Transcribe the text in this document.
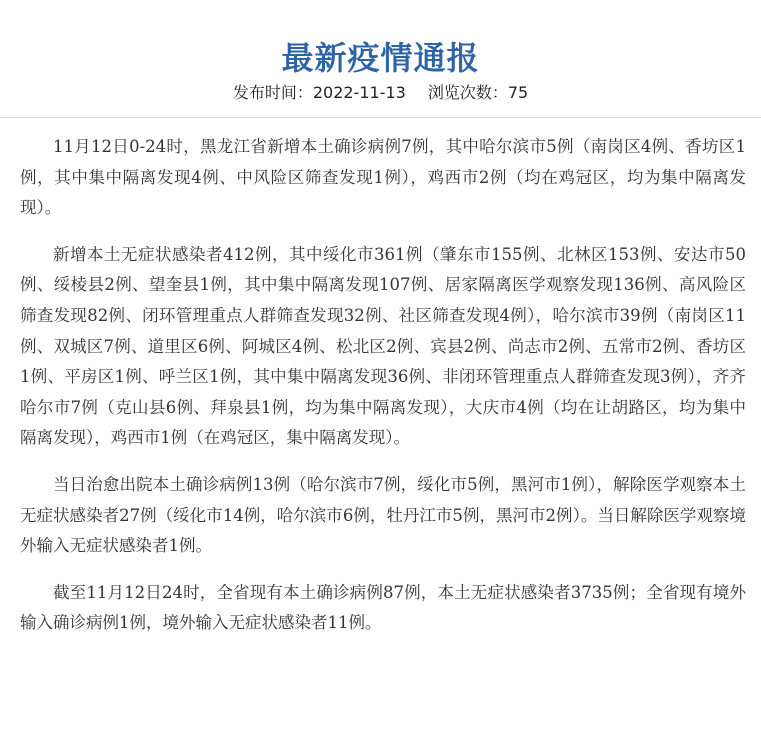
最新疫情通报
发布时间：2022-11-13 浏览次数：75

11月12日0-24时，黑龙江省新增本土确诊病例7例，其中哈尔滨市5例（南岗区4例、香坊区1例，其中集中隔离发现4例、中风险区筛查发现1例），鸡西市2例（均在鸡冠区，均为集中隔离发现）。

新增本土无症状感染者412例，其中绥化市361例（肇东市155例、北林区153例、安达市50例、绥棱县2例、望奎县1例，其中集中隔离发现107例、居家隔离医学观察发现136例、高风险区筛查发现82例、闭环管理重点人群筛查发现32例、社区筛查发现4例），哈尔滨市39例（南岗区11例、双城区7例、道里区6例、阿城区4例、松北区2例、宾县2例、尚志市2例、五常市2例、香坊区1例、平房区1例、呼兰区1例，其中集中隔离发现36例、非闭环管理重点人群筛查发现3例），齐齐哈尔市7例（克山县6例、拜泉县1例，均为集中隔离发现），大庆市4例（均在让胡路区，均为集中隔离发现），鸡西市1例（在鸡冠区，集中隔离发现）。

当日治愈出院本土确诊病例13例（哈尔滨市7例，绥化市5例，黑河市1例），解除医学观察本土无症状感染者27例（绥化市14例，哈尔滨市6例，牡丹江市5例，黑河市2例）。当日解除医学观察境外输入无症状感染者1例。

截至11月12日24时，全省现有本土确诊病例87例，本土无症状感染者3735例；全省现有境外输入确诊病例1例，境外输入无症状感染者11例。
